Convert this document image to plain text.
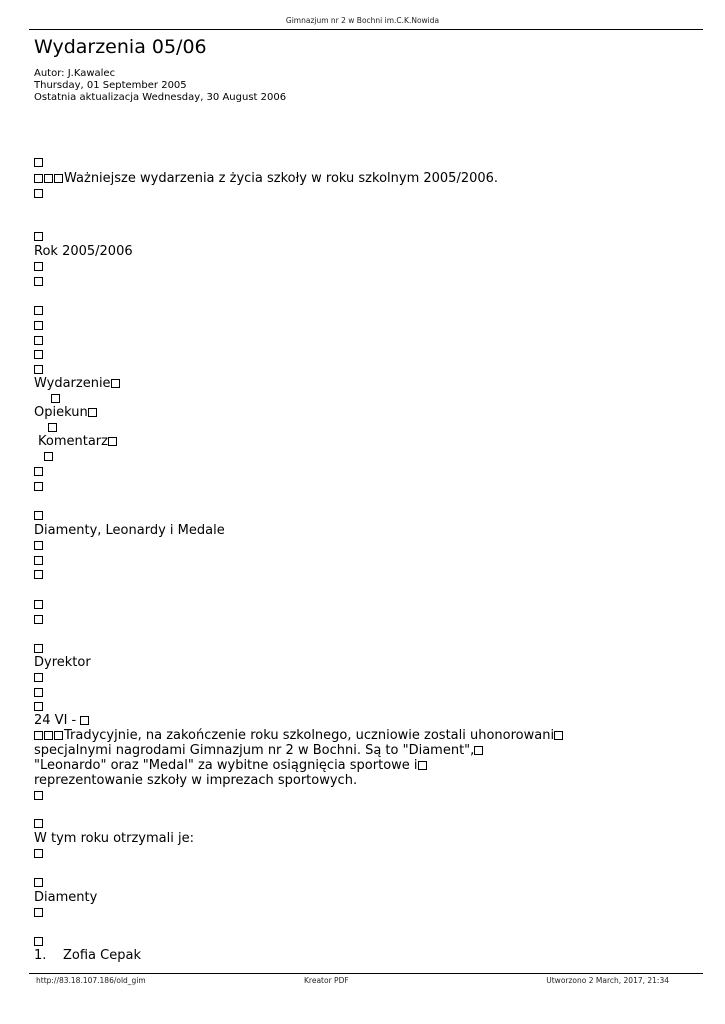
Gimnazjum nr 2 w Bochni im.C.K.Nowida
Wydarzenia 05/06
Autor: J.Kawalec
Thursday, 01 September 2005
Ostatnia aktualizacja Wednesday, 30 August 2006
Ważniejsze wydarzenia z życia szkoły w roku szkolnym 2005/2006.
Rok 2005/2006
Wydarzenie
Opiekun
Komentarz
Diamenty, Leonardy i Medale
Dyrektor
24 VI -
Tradycyjnie, na zakończenie roku szkolnego, uczniowie zostali uhonorowani
specjalnymi nagrodami Gimnazjum nr 2 w Bochni. Są to "Diament",
"Leonardo" oraz "Medal" za wybitne osiągnięcia sportowe i
reprezentowanie szkoły w imprezach sportowych.
W tym roku otrzymali je:
Diamenty
1. Zofia Cepak
http://83.18.107.186/old_gim	Kreator PDF	Utworzono 2 March, 2017, 21:34
